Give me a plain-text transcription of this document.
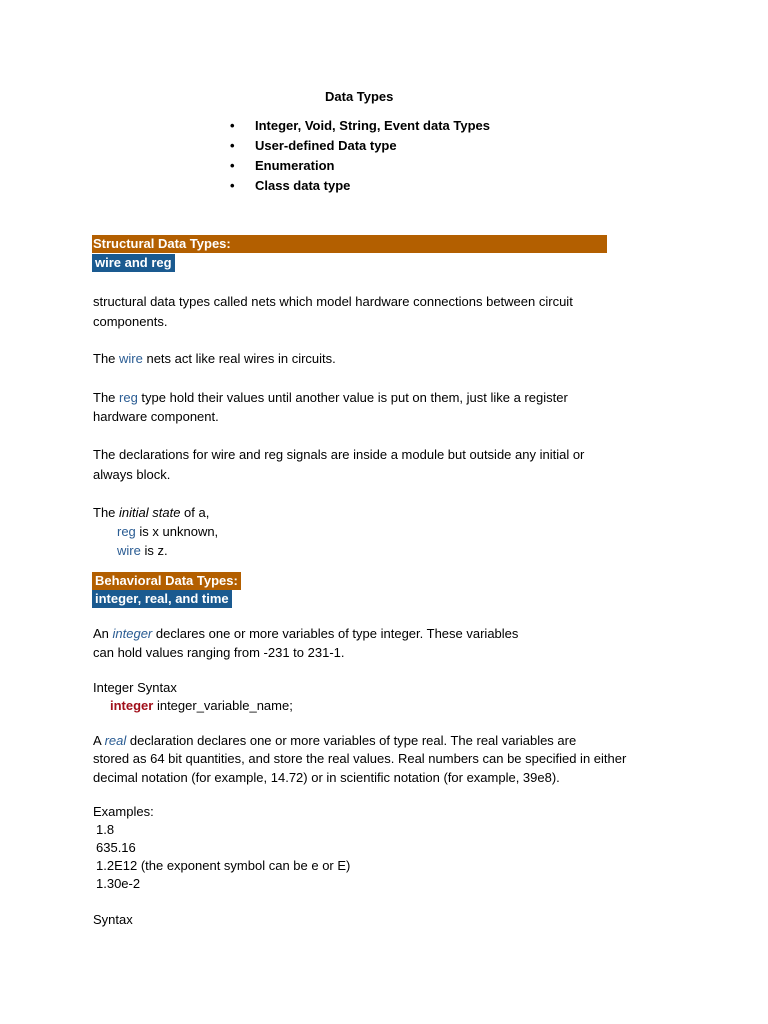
Data Types
• Integer, Void, String, Event data Types
• User-defined Data type
• Enumeration
• Class data type
Structural Data Types:
wire and reg
structural data types called nets which model hardware connections between circuit
components.
The wire nets act like real wires in circuits.
The reg type hold their values until another value is put on them, just like a register
hardware component.
The declarations for wire and reg signals are inside a module but outside any initial or
always block.
The initial state of a,
reg is x unknown,
wire is z.
Behavioral Data Types:
integer, real, and time
An integer declares one or more variables of type integer. These variables
can hold values ranging from -231 to 231-1.
Integer Syntax
integer integer_variable_name;
A real declaration declares one or more variables of type real. The real variables are
stored as 64 bit quantities, and store the real values. Real numbers can be specified in either
decimal notation (for example, 14.72) or in scientific notation (for example, 39e8).
Examples:
1.8
635.16
1.2E12 (the exponent symbol can be e or E)
1.30e-2
Syntax
